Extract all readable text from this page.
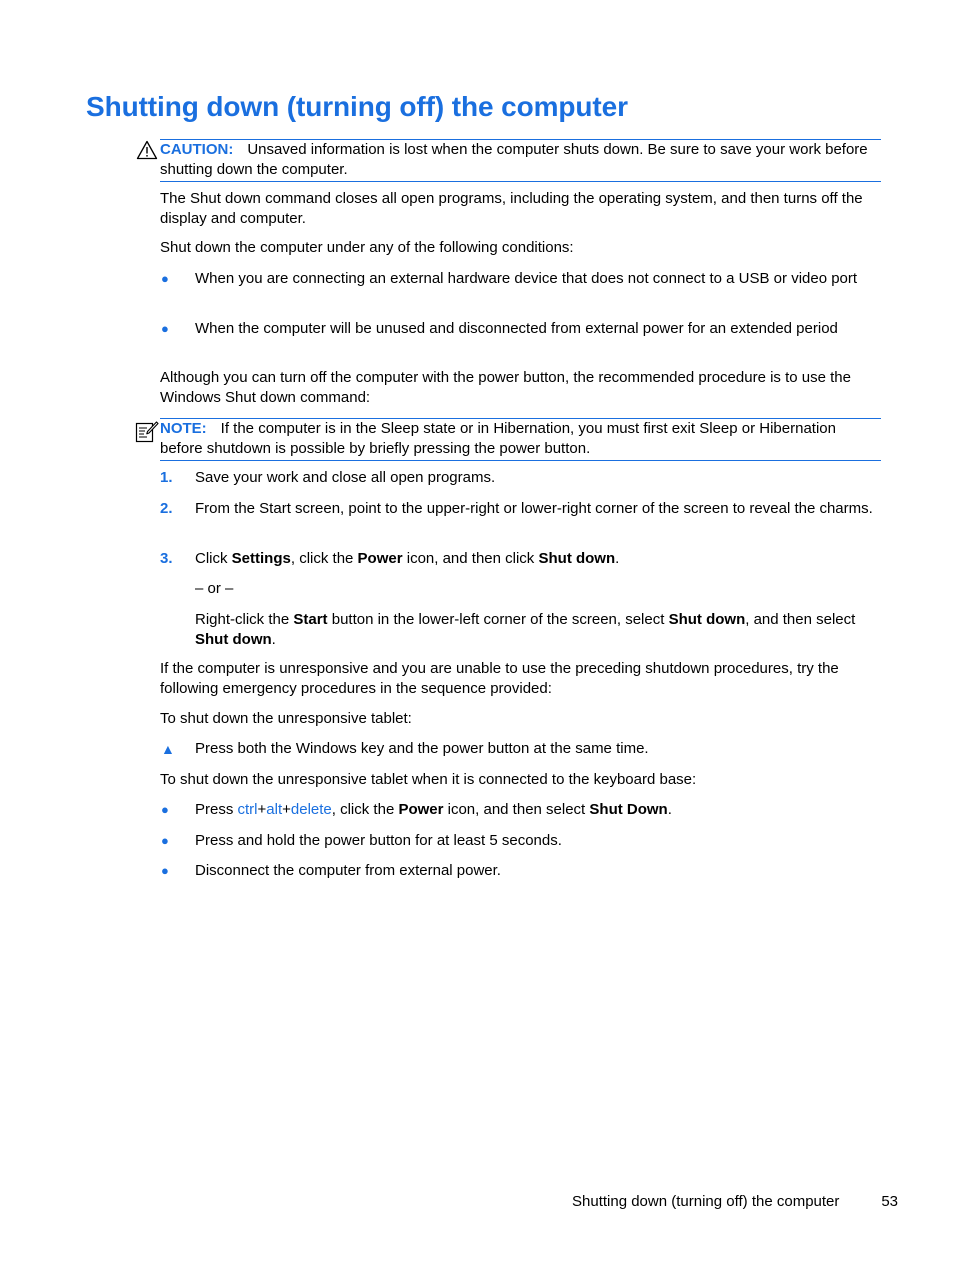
Shutting down (turning off) the computer
CAUTION: Unsaved information is lost when the computer shuts down. Be sure to save your work before shutting down the computer.

The Shut down command closes all open programs, including the operating system, and then turns off the display and computer.

Shut down the computer under any of the following conditions:

●	When you are connecting an external hardware device that does not connect to a USB or video port
●	When the computer will be unused and disconnected from external power for an extended period

Although you can turn off the computer with the power button, the recommended procedure is to use the Windows Shut down command:

NOTE: If the computer is in the Sleep state or in Hibernation, you must first exit Sleep or Hibernation before shutdown is possible by briefly pressing the power button.
1.	Save your work and close all open programs.
2.	From the Start screen, point to the upper-right or lower-right corner of the screen to reveal the charms.
3.	Click Settings, click the Power icon, and then click Shut down.

– or –

Right-click the Start button in the lower-left corner of the screen, select Shut down, and then select Shut down.

If the computer is unresponsive and you are unable to use the preceding shutdown procedures, try the following emergency procedures in the sequence provided:

To shut down the unresponsive tablet:

▲	Press both the Windows key and the power button at the same time.

To shut down the unresponsive tablet when it is connected to the keyboard base:

●	Press ctrl+alt+delete, click the Power icon, and then select Shut Down.
●	Press and hold the power button for at least 5 seconds.
●	Disconnect the computer from external power.
Shutting down (turning off) the computer	53
